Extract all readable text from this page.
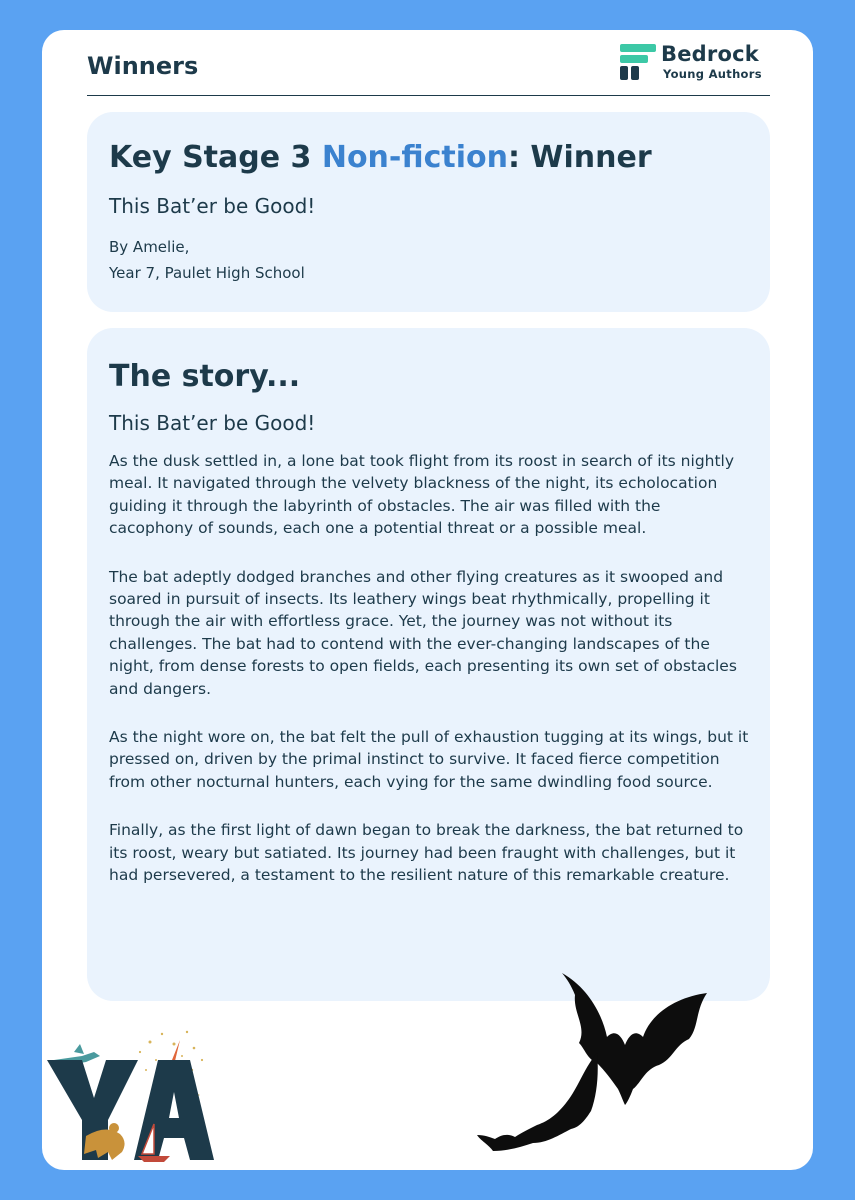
Winners	Bedrock
Young Authors
Key Stage 3 Non-fiction: Winner
This Bat’er be Good!
By Amelie,
Year 7, Paulet High School
The story...
This Bat’er be Good!

As the dusk settled in, a lone bat took flight from its roost in search of its nightly meal. It navigated through the velvety blackness of the night, its echolocation guiding it through the labyrinth of obstacles. The air was filled with the cacophony of sounds, each one a potential threat or a possible meal.

The bat adeptly dodged branches and other flying creatures as it swooped and soared in pursuit of insects. Its leathery wings beat rhythmically, propelling it through the air with effortless grace. Yet, the journey was not without its challenges. The bat had to contend with the ever-changing landscapes of the night, from dense forests to open fields, each presenting its own set of obstacles and dangers.

As the night wore on, the bat felt the pull of exhaustion tugging at its wings, but it pressed on, driven by the primal instinct to survive. It faced fierce competition from other nocturnal hunters, each vying for the same dwindling food source.

Finally, as the first light of dawn began to break the darkness, the bat returned to its roost, weary but satiated. Its journey had been fraught with challenges, but it had persevered, a testament to the resilient nature of this remarkable creature.
